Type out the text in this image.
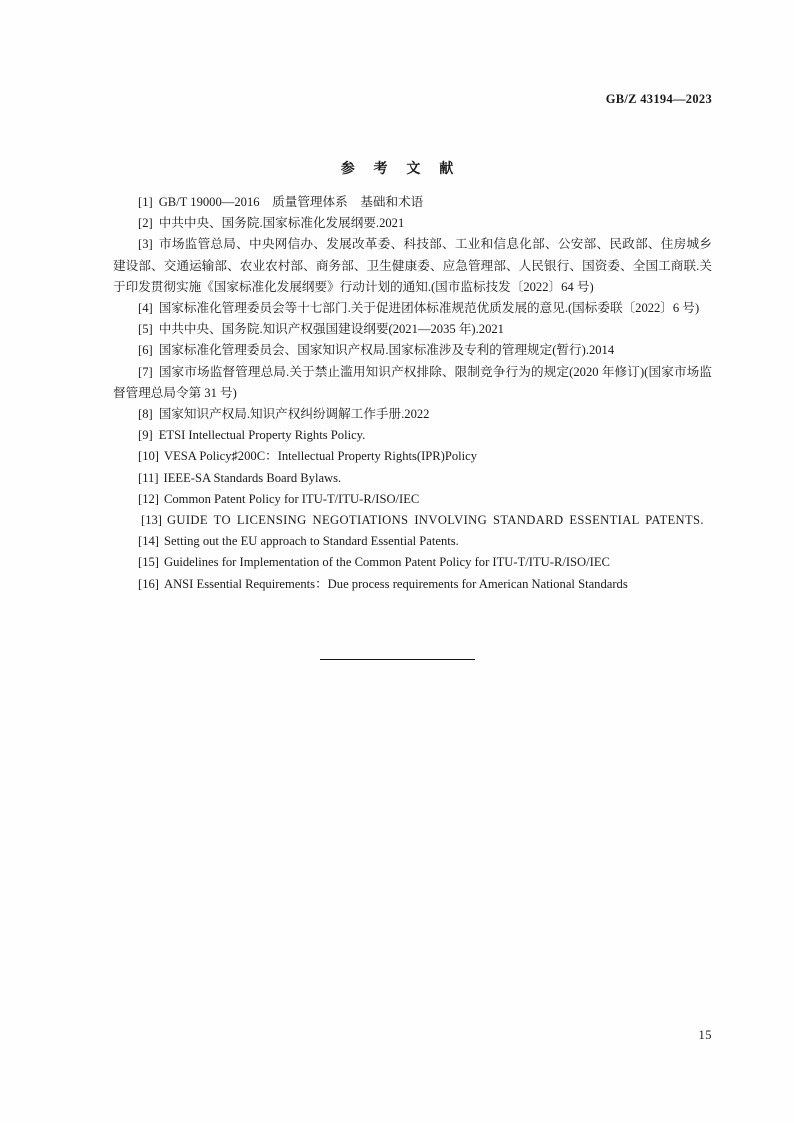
GB/Z 43194—2023
参 考 文 献

[1] GB/T 19000—2016　质量管理体系　基础和术语

[2] 中共中央、国务院.国家标准化发展纲要.2021

[3] 市场监管总局、中央网信办、发展改革委、科技部、工业和信息化部、公安部、民政部、住房城乡建设部、交通运输部、农业农村部、商务部、卫生健康委、应急管理部、人民银行、国资委、全国工商联.关于印发贯彻实施《国家标准化发展纲要》行动计划的通知.(国市监标技发〔2022〕64 号)

[4] 国家标准化管理委员会等十七部门.关于促进团体标准规范优质发展的意见.(国标委联〔2022〕6 号)

[5] 中共中央、国务院.知识产权强国建设纲要(2021—2035 年).2021

[6] 国家标准化管理委员会、国家知识产权局.国家标准涉及专利的管理规定(暂行).2014

[7] 国家市场监督管理总局.关于禁止滥用知识产权排除、限制竞争行为的规定(2020 年修订)(国家市场监督管理总局令第 31 号)

[8] 国家知识产权局.知识产权纠纷调解工作手册.2022

[9] ETSI Intellectual Property Rights Policy.

[10] VESA Policy♯200C：Intellectual Property Rights(IPR)Policy

[11] IEEE-SA Standards Board Bylaws.

[12] Common Patent Policy for ITU-T/ITU-R/ISO/IEC

[13] GUIDE TO LICENSING NEGOTIATIONS INVOLVING STANDARD ESSENTIAL PATENTS.

[14] Setting out the EU approach to Standard Essential Patents.

[15] Guidelines for Implementation of the Common Patent Policy for ITU-T/ITU-R/ISO/IEC

[16] ANSI Essential Requirements：Due process requirements for American National Standards

15
